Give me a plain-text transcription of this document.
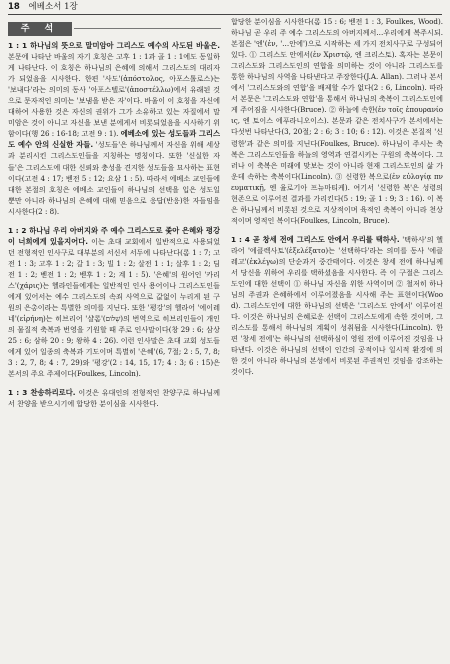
18 에베소서 1장
주 석

1 : 1 하나님의 뜻으로 말미암아 그리스도 예수의 사도된 바울은. 본문에 나타난 바울의 자기 호칭은 고후 1 : 1과 골 1 : 1에도 동일하게 나타난다. 이 호칭은 하나님의 은혜에 의해서 그리스도의 대리자가 되었음을 시사한다. 한편 '사도'(ἀπόστολος, 아포스톨로스)는 '보내다'라는 의미의 동사 '아포스텔로'(ἀποστέλλω)에서 유래된 것으로 문자적인 의미는 '보냄을 받은 자'이다. 바울이 이 호칭을 자신에 대하여 사용한 것은 자신의 권위가 그가 소유하고 있는 자질에서 말미암은 것이 아니고 자신을 보낸 분에게서 비롯되었음을 시사하기 위함이다(행 26 : 16-18; 고전 9 : 1). 에베소에 있는 성도들과 그리스도 예수 안의 신실한 자들. '성도들'은 하나님께서 자신을 위해 세상과 분리시킨 그리스도인들을 지칭하는 명칭이다. 또한 '신실한 자들'은 그리스도에 대한 신뢰와 충성을 견지한 성도들을 묘사하는 표현이다(고전 4 : 17; 벧전 5 : 12; 요삼 1 : 5). 따라서 에베소 교인들에 대한 본절의 호칭은 에베소 교인들이 하나님의 선택을 입은 성도일 뿐만 아니라 하나님의 은혜에 대해 믿음으로 응답(반응)한 자들임을 시사한다(2 : 8).

1 : 2 하나님 우리 아버지와 주 예수 그리스도로 좇아 은혜와 평강이 너희에게 있을지어다. 이는 초대 교회에서 일반적으로 사용되었던 전형적인 인사구로 대부분의 서신서 서두에 나타난다(롬 1 : 7; 고전 1 : 3; 고후 1 : 2; 갈 1 : 3; 빌 1 : 2; 살전 1 : 1; 살후 1 : 2; 딤전 1 : 2; 벧전 1 : 2; 벧후 1 : 2; 계 1 : 5). '은혜'의 원어인 '카리스'(χάρις)는 헬라인들에게는 일반적인 인사 용어이나 그리스도인들에게 있어서는 예수 그리스도의 속죄 사역으로 값없이 누리게 된 구원의 은총이라는 특별한 의미를 지닌다. 또한 '평강'의 헬라어 '에이레네'(εἰρήνη)는 히브리어 '샬롬'(שָׁלוֹם)의 번역으로 히브리인들이 개인의 물질적 축복과 번영을 기원할 때 주로 인사말이다(창 29 : 6; 삼상 25 : 6; 삼하 20 : 9; 왕하 4 : 26). 이런 인사말은 초대 교회 성도들에게 있어 일종의 축복과 기도이며 특별히 '은혜'(6, 7절; 2 : 5, 7, 8; 3 : 2, 7, 8; 4 : 7, 29)와 '평강'(2 : 14, 15, 17; 4 : 3; 6 : 15)은 본서의 주요 주제이다(Foulkes, Lincoln).

1 : 3 찬송하리로다. 이것은 유대인의 전형적인 찬양구로 하나님께서 찬양을 받으시기에 합당한 분이심을 시사한다.

합당한 분이심을 시사한다(롬 15 : 6; 벧전 1 : 3, Foulkes, Wood). 하나님 곧 우리 주 예수 그리스도의 아버지께서…우리에게 복주시되. 본절은 '엔'(ἐν, '…안에')으로 시작하는 세 가지 전치사구로 구성되어 있다. ① 그리스도 안에서(ἐν Χριστῷ, 엔 크리스토). 혹자는 본문이 그리스도와 그리스도인의 연합을 의미하는 것이 아니라 그리스도를 통한 하나님의 사역을 나타낸다고 주장한다(J.A. Allan). 그러나 본서에서 '그리스도와의 연합'을 배제할 수가 없다(2 : 6, Lincoln). 따라서 본문은 '그리스도와 연합'을 통해서 하나님의 축복이 그리스도인에게 주어짐을 시사한다(Bruce). ② 하늘에 속한(ἐν τοῖς ἐπουρανίοις, 엔 토이스 에푸라니오이스). 본문과 같은 전치사구가 본서에서는 다섯번 나타난다(3, 20절; 2 : 6; 3 : 10; 6 : 12). 이것은 본질적 '신령한'과 같은 의미를 지닌다(Foulkes, Bruce). 하나님이 주시는 축복은 그리스도인들을 하늘의 영역과 연결시키는 구원의 축복이다. 그러나 이 축복은 미래에 맞보는 것이 아니라 현재 그리스도인의 삶 가운데 속하는 축복이다(Lincoln). ③ 신령한 복으로(ἐν εὐλογίᾳ πνευματικῇ, 엔 율로기아 프뉴마티케). 여기서 '신령한 복'은 성령의 현존으로 이루어진 결과를 가리킨다(5 : 19; 골 1 : 9; 3 : 16). 이 복은 하나님께서 비롯된 것으로 지상적이며 육적인 축복이 아니라 천상적이며 영적인 복이다(Foulkes, Lincoln, Bruce).

1 : 4 곧 창세 전에 그리스도 안에서 우리를 택하사. '택하사'의 헬라어 '에클렉사토'(ἐξελέξατο)는 '선택하다'라는 의미를 동사 '에클레고'(ἐκλέγω)의 단순과거 중간태이다. 이것은 창세 전에 하나님께서 당신을 위하여 우리를 택하셨음을 시사한다. 즉 이 구절은 그리스도인에 대한 선택이 ① 하나님 자신을 위한 사역이며 ② 철저히 하나님의 주권과 은혜하에서 이루어졌음을 시사해 주는 표현이다(Wood). 그리스도인에 대한 하나님의 선택은 '그리스도 안에서' 이루어진다. 이것은 하나님의 은혜로운 선택이 그리스도에게 속한 것이며, 그리스도를 통해서 하나님의 계획이 성취됨을 시사한다(Lincoln). 한편 '창세 전에'는 하나님의 선택하심이 영원 전에 이루어진 것임을 나타낸다. 이것은 하나님의 선택이 인간의 공적이나 일시적 환경에 의한 것이 아니라 하나님의 본성에서 비롯된 주권적인 것임을 강조하는 것이다.
